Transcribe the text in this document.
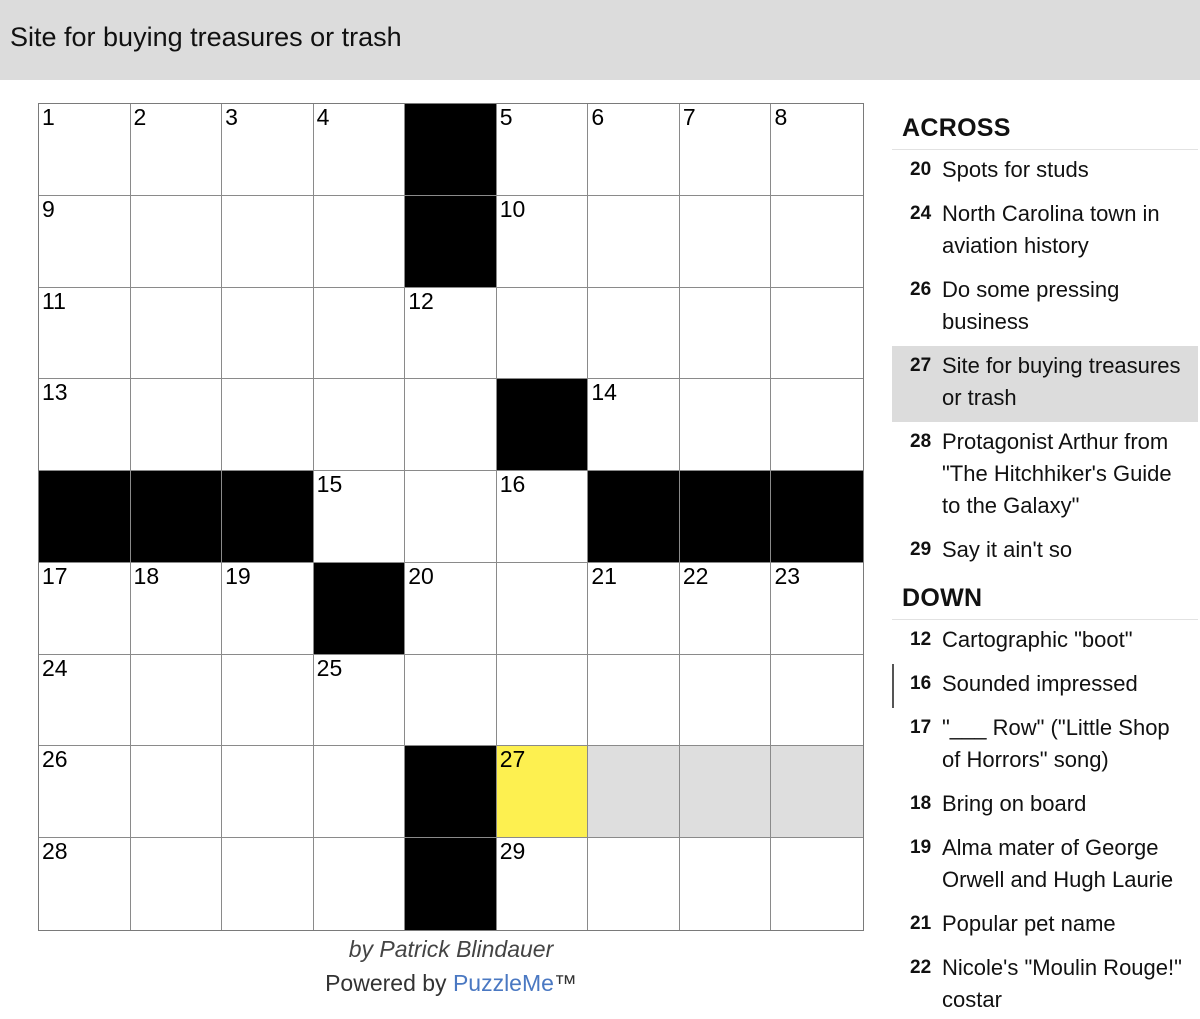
Site for buying treasures or trash
1	2	3	4	5	6	7	8
9	10
11	12
13	14
15	16
17	18	19	20	21	22	23
24	25
26	27
28	29
by Patrick Blindauer
Powered by PuzzleMe™
ACROSS
20 Spots for studs
24 North Carolina town in aviation history
26 Do some pressing business
27 Site for buying treasures or trash
28 Protagonist Arthur from "The Hitchhiker's Guide to the Galaxy"
29 Say it ain't so
DOWN
12 Cartographic "boot"
16 Sounded impressed
17 "___ Row" ("Little Shop of Horrors" song)
18 Bring on board
19 Alma mater of George Orwell and Hugh Laurie
21 Popular pet name
22 Nicole's "Moulin Rouge!" costar
